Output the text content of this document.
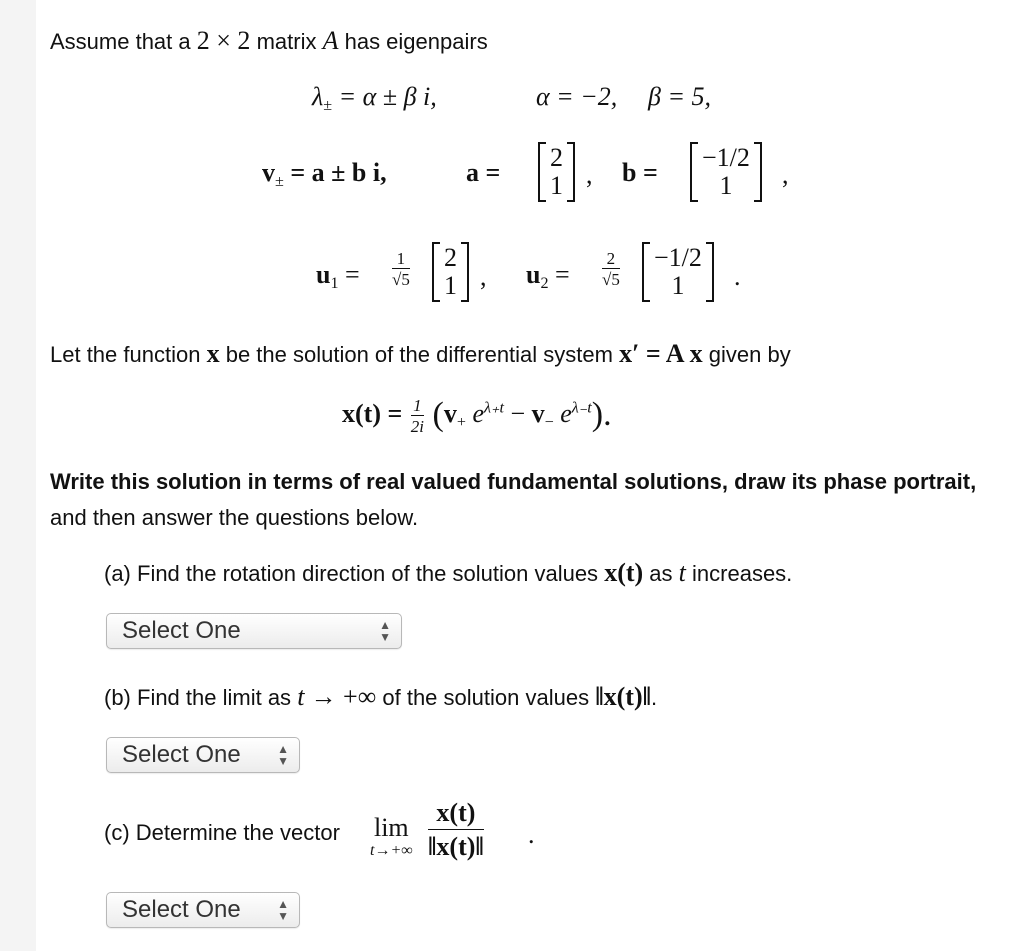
Assume that a 2 × 2 matrix A has eigenpairs
$\lambda_\pm = \alpha \pm \beta$ i,	α = −2, β = 5,
$v_\pm = a \pm b$ i,	a =
2
1 , b =
−1/2
1	,
$u_1 = \frac{1}{√5} 2$
1 , $u_2 = \frac{2}{√5} -1/2$
1	.
Let the function x be the solution of the differential system x′ = A x given by
$x(t) = \frac{1}{2i} (v_+$ $e^{\lambda_+t} - v_-$ $e^{\lambda_-t}$).
Write this solution in terms of real valued fundamental solutions, draw its phase portrait, and then answer the questions below.
(a) Find the rotation direction of the solution values x(t) as t increases.
Select One	▲
▼
(b) Find the limit as t → +∞ of the solution values ‖x(t)‖.
Select One	▲
▼
(c) Determine the vector lim
$t\to+\infty \frac{x(t)}{‖x(t)‖}$ .
Select One	▲
▼
